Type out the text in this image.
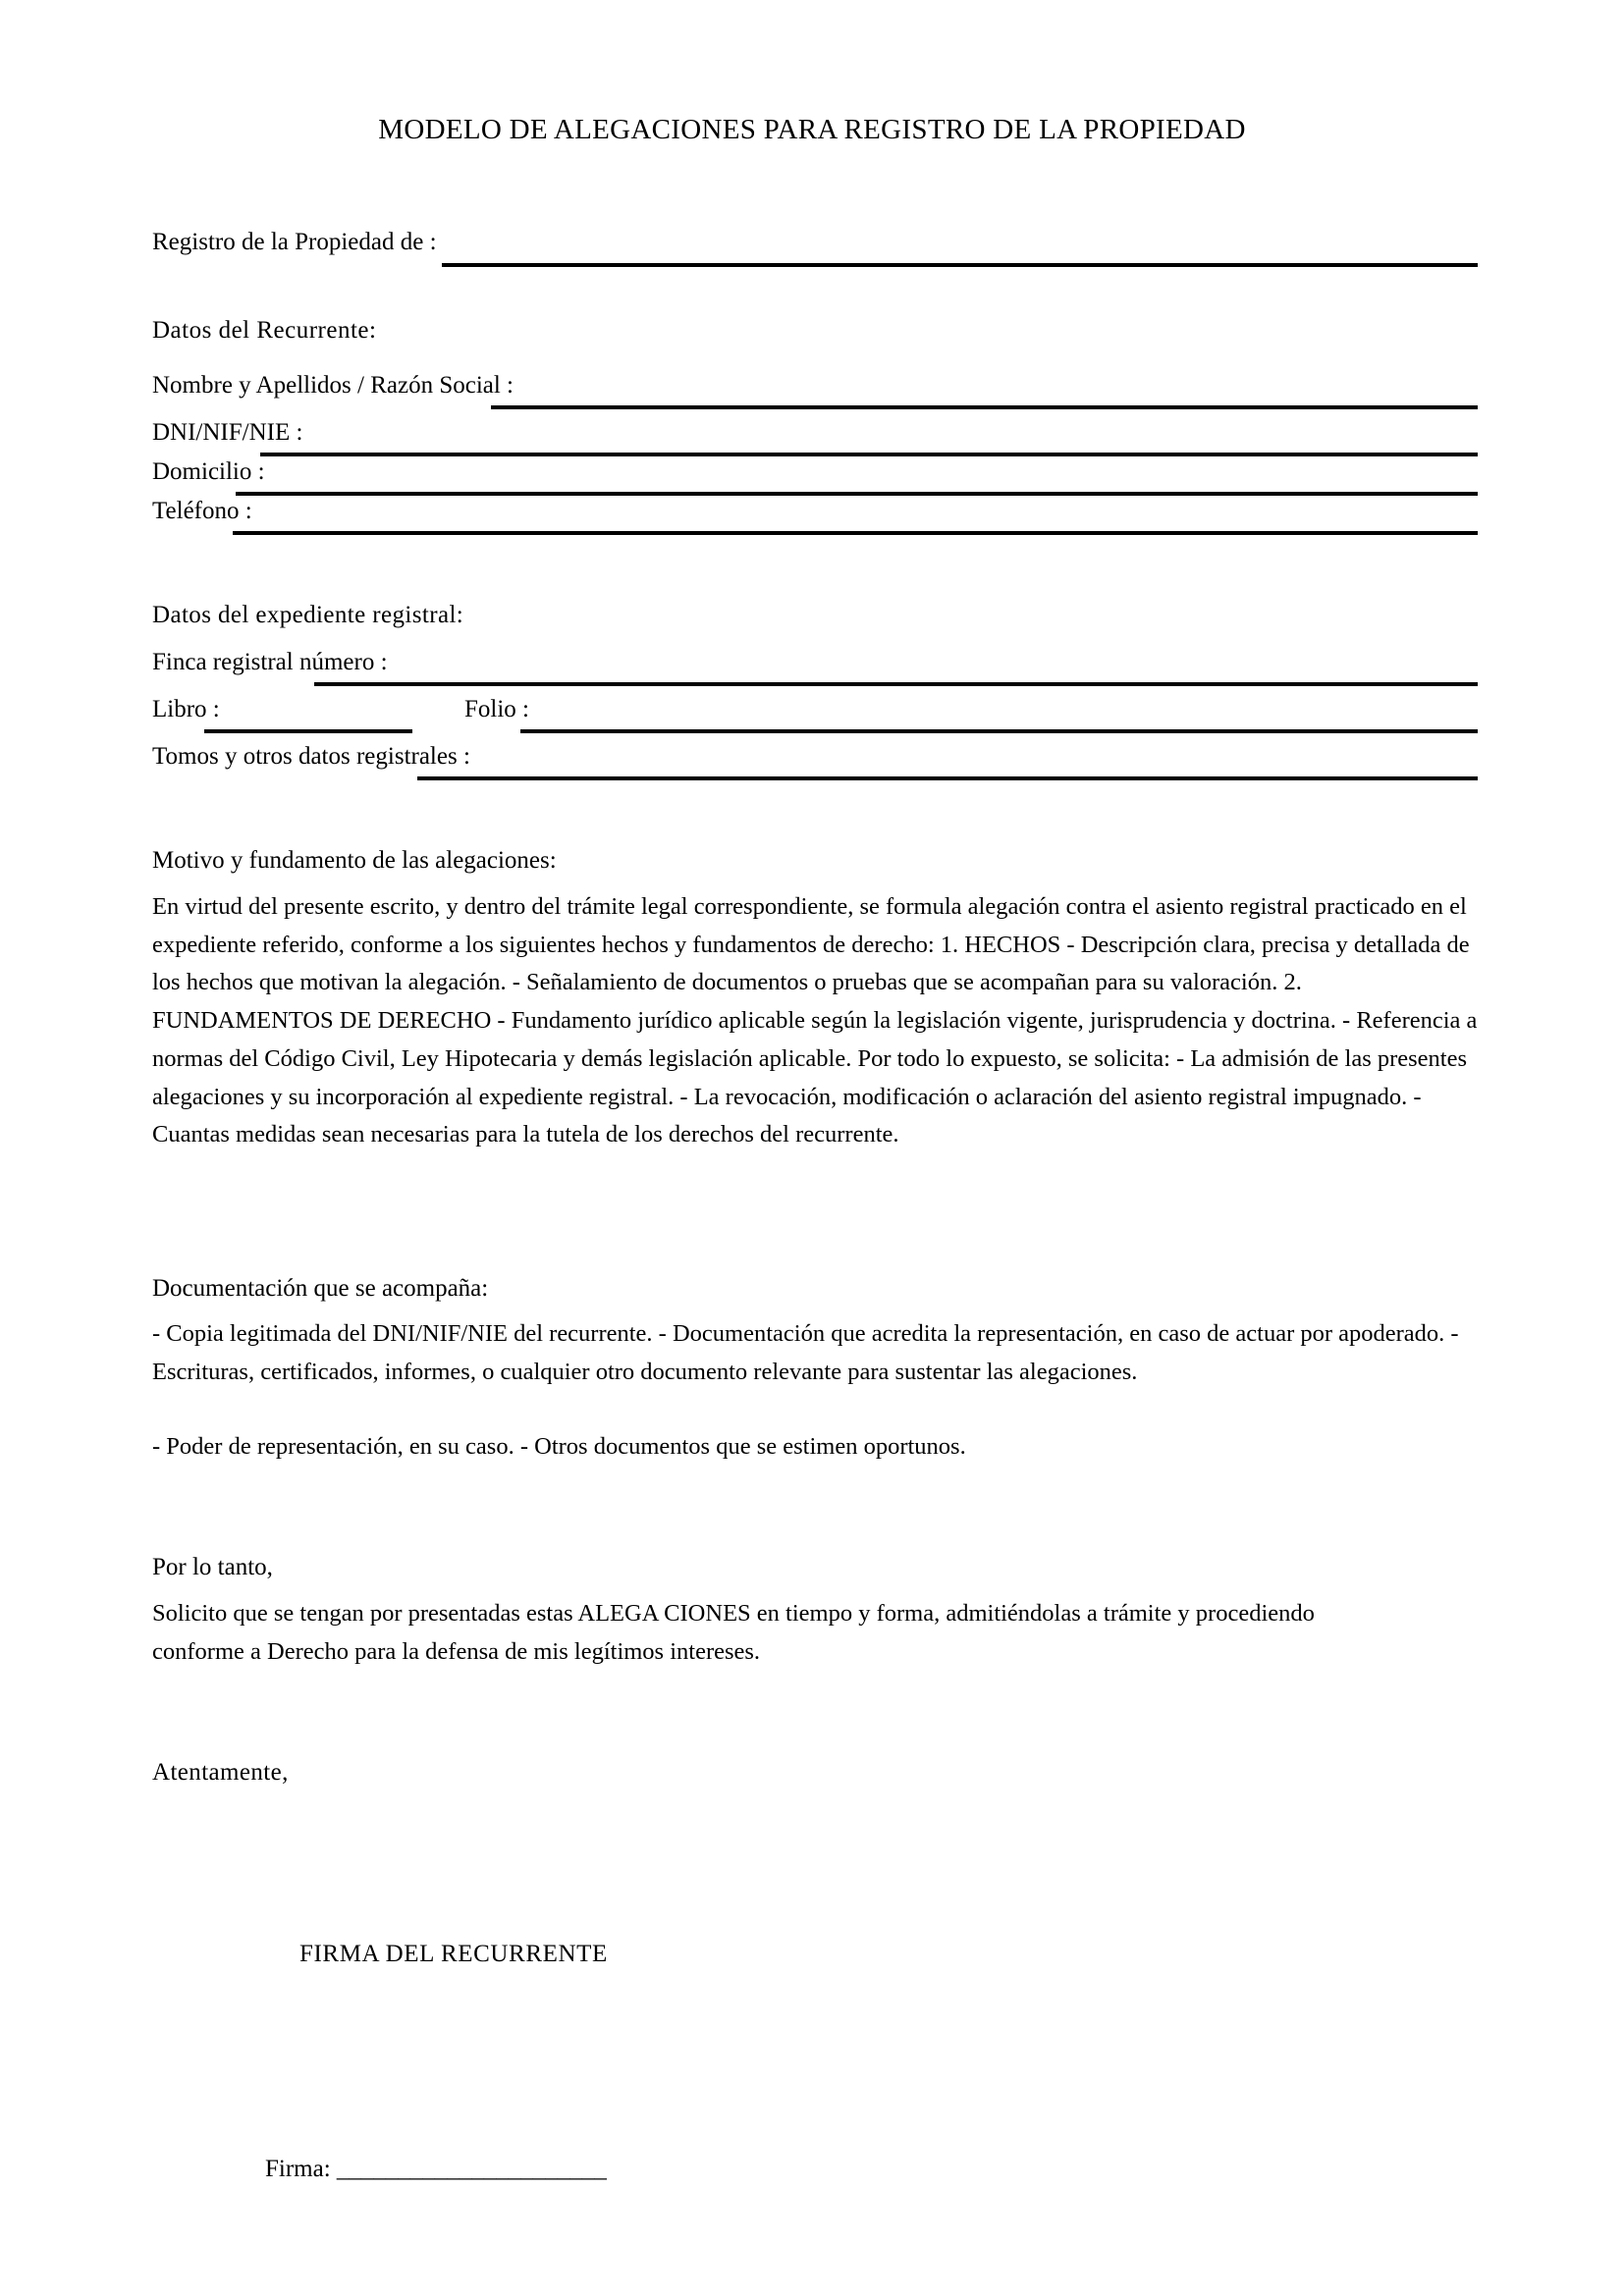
MODELO DE ALEGACIONES PARA REGISTRO DE LA PROPIEDAD
Registro de la Propiedad de :
Datos del Recurrente:
Nombre y Apellidos / Razón Social :
DNI/NIF/NIE :
Domicilio :
Teléfono :
Datos del expediente registral:
Finca registral número :
Libro :	Folio :
Tomos y otros datos registrales :
Motivo y fundamento de las alegaciones:
En virtud del presente escrito, y dentro del trámite legal correspondiente, se formula alegación contra el asiento registral practicado en el expediente referido, conforme a los siguientes hechos y fundamentos de derecho: 1. HECHOS - Descripción clara, precisa y detallada de los hechos que motivan la alegación. - Señalamiento de documentos o pruebas que se acompañan para su valoración. 2. FUNDAMENTOS DE DERECHO - Fundamento jurídico aplicable según la legislación vigente, jurisprudencia y doctrina. - Referencia a normas del Código Civil, Ley Hipotecaria y demás legislación aplicable. Por todo lo expuesto, se solicita: - La admisión de las presentes alegaciones y su incorporación al expediente registral. - La revocación, modificación o aclaración del asiento registral impugnado. - Cuantas medidas sean necesarias para la tutela de los derechos del recurrente.
Documentación que se acompaña:
- Copia legitimada del DNI/NIF/NIE del recurrente. - Documentación que acredita la representación, en caso de actuar por apoderado. - Escrituras, certificados, informes, o cualquier otro documento relevante para sustentar las alegaciones.
- Poder de representación, en su caso. - Otros documentos que se estimen oportunos.
Por lo tanto,
Solicito que se tengan por presentadas estas ALEGA CIONES en tiempo y forma, admitiéndolas a trámite y procediendo conforme a Derecho para la defensa de mis legítimos intereses.
Atentamente,
FIRMA DEL RECURRENTE
Firma: ______________________
